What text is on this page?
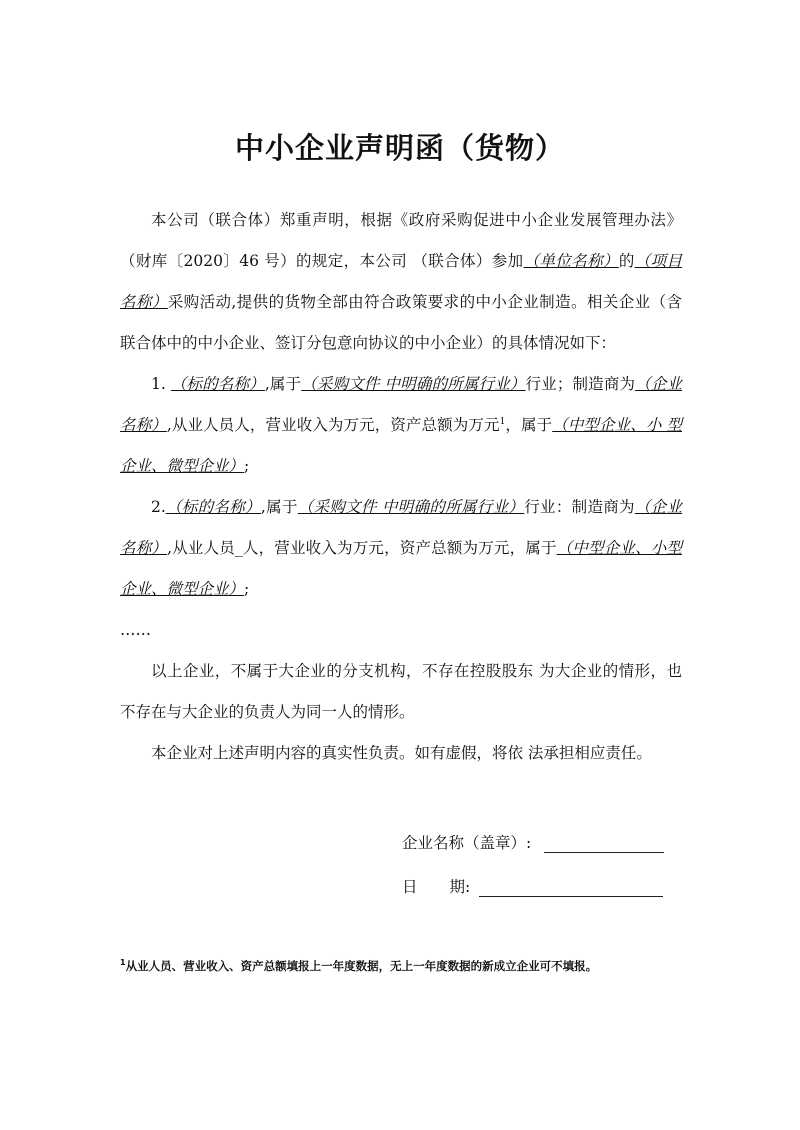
中小企业声明函（货物）

本公司（联合体）郑重声明，根据《政府采购促进中小企业发展管理办法》（财库〔2020〕46 号）的规定，本公司 （联合体）参加（单位名称）的（项目名称）采购活动,提供的货物全部由符合政策要求的中小企业制造。相关企业（含联合体中的中小企业、签订分包意向协议的中小企业）的具体情况如下：

1. （标的名称）,属于（采购文件 中明确的所属行业）行业；制造商为（企业名称）,从业人员人，营业收入为万元，资产总额为万元$^1$，属于（中型企业、小 型企业、微型企业）;

2.（标的名称）,属于（采购文件 中明确的所属行业）行业：制造商为（企业名称）,从业人员_人，营业收入为万元，资产总额为万元，属于（中型企业、小型 企业、微型企业）;

……

以上企业，不属于大企业的分支机构，不存在控股股东 为大企业的情形，也不存在与大企业的负责人为同一人的情形。

本企业对上述声明内容的真实性负责。如有虚假，将依 法承担相应责任。

企业名称（盖章）:
日 期:
$^1$从业人员、营业收入、资产总额填报上一年度数据，无上一年度数据的新成立企业可不填报。
